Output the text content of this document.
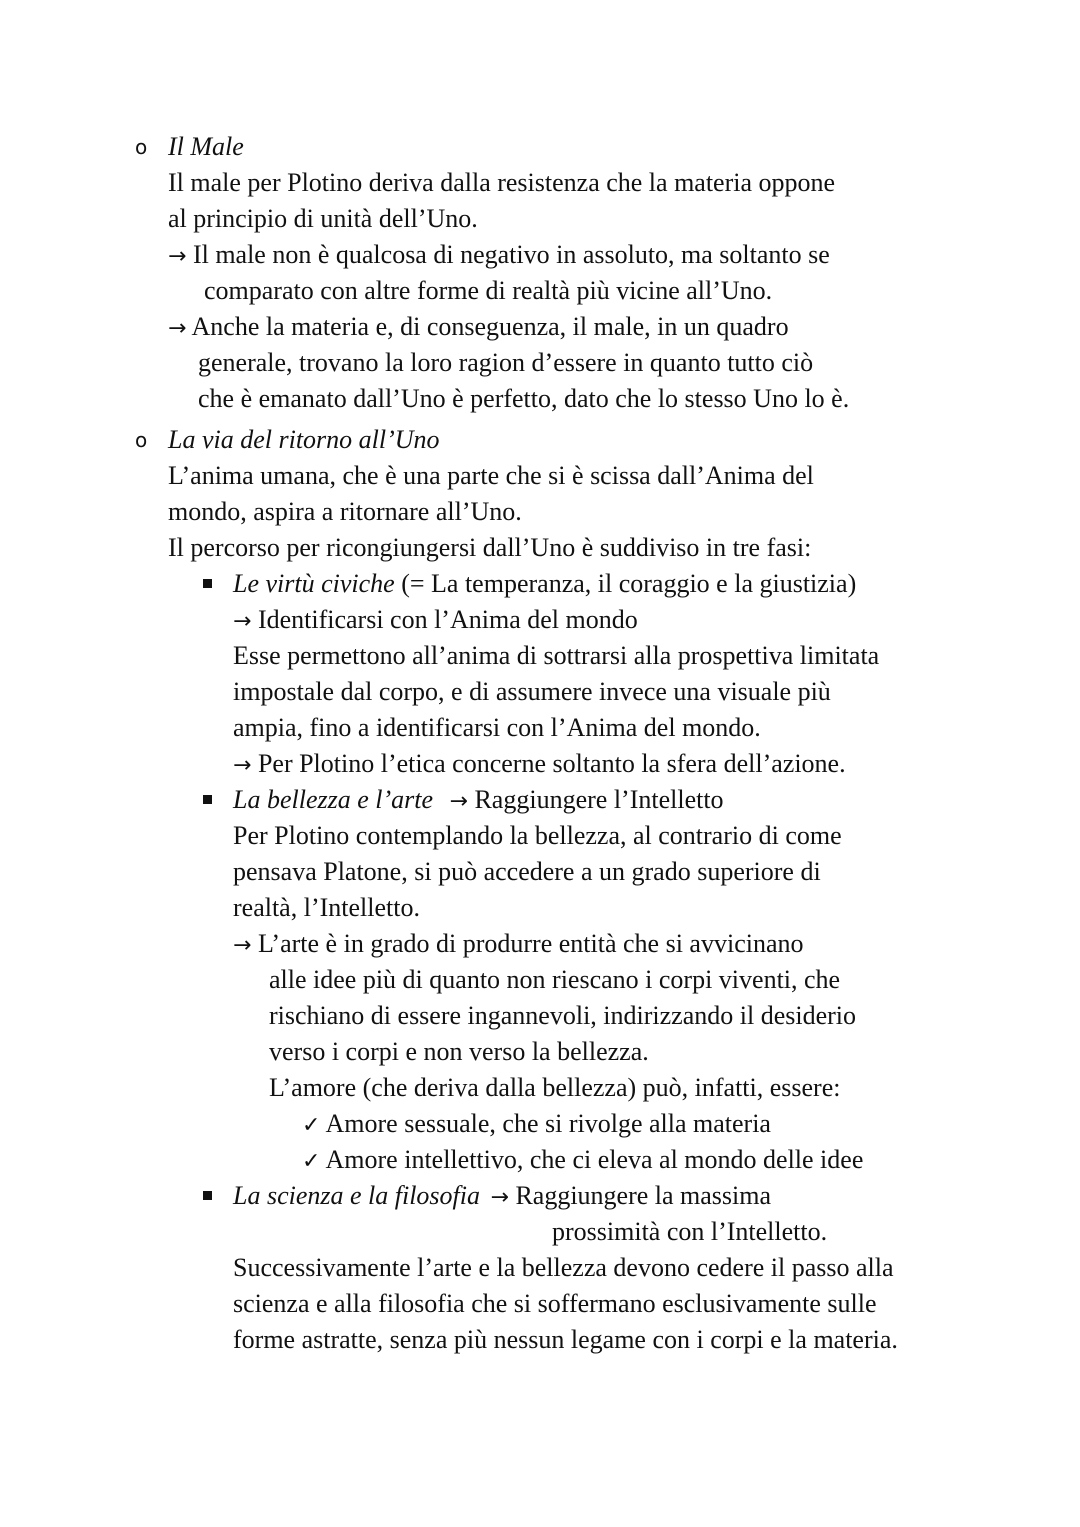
o Il Male
Il male per Plotino deriva dalla resistenza che la materia oppone
al principio di unità dell’Uno.
→ Il male non è qualcosa di negativo in assoluto, ma soltanto se
comparato con altre forme di realtà più vicine all’Uno.
→ Anche la materia e, di conseguenza, il male, in un quadro
generale, trovano la loro ragion d’essere in quanto tutto ciò
che è emanato dall’Uno è perfetto, dato che lo stesso Uno lo è.
o La via del ritorno all’Uno
L’anima umana, che è una parte che si è scissa dall’Anima del
mondo, aspira a ritornare all’Uno.
Il percorso per ricongiungersi dall’Uno è suddiviso in tre fasi:
Le virtù civiche (= La temperanza, il coraggio e la giustizia)
→ Identificarsi con l’Anima del mondo
Esse permettono all’anima di sottrarsi alla prospettiva limitata
impostale dal corpo, e di assumere invece una visuale più
ampia, fino a identificarsi con l’Anima del mondo.
→ Per Plotino l’etica concerne soltanto la sfera dell’azione.
La bellezza e l’arte → Raggiungere l’Intelletto
Per Plotino contemplando la bellezza, al contrario di come
pensava Platone, si può accedere a un grado superiore di
realtà, l’Intelletto.
→ L’arte è in grado di produrre entità che si avvicinano
alle idee più di quanto non riescano i corpi viventi, che
rischiano di essere ingannevoli, indirizzando il desiderio
verso i corpi e non verso la bellezza.
L’amore (che deriva dalla bellezza) può, infatti, essere:
✓ Amore sessuale, che si rivolge alla materia
✓ Amore intellettivo, che ci eleva al mondo delle idee
La scienza e la filosofia → Raggiungere la massima
prossimità con l’Intelletto.
Successivamente l’arte e la bellezza devono cedere il passo alla
scienza e alla filosofia che si soffermano esclusivamente sulle
forme astratte, senza più nessun legame con i corpi e la materia.
